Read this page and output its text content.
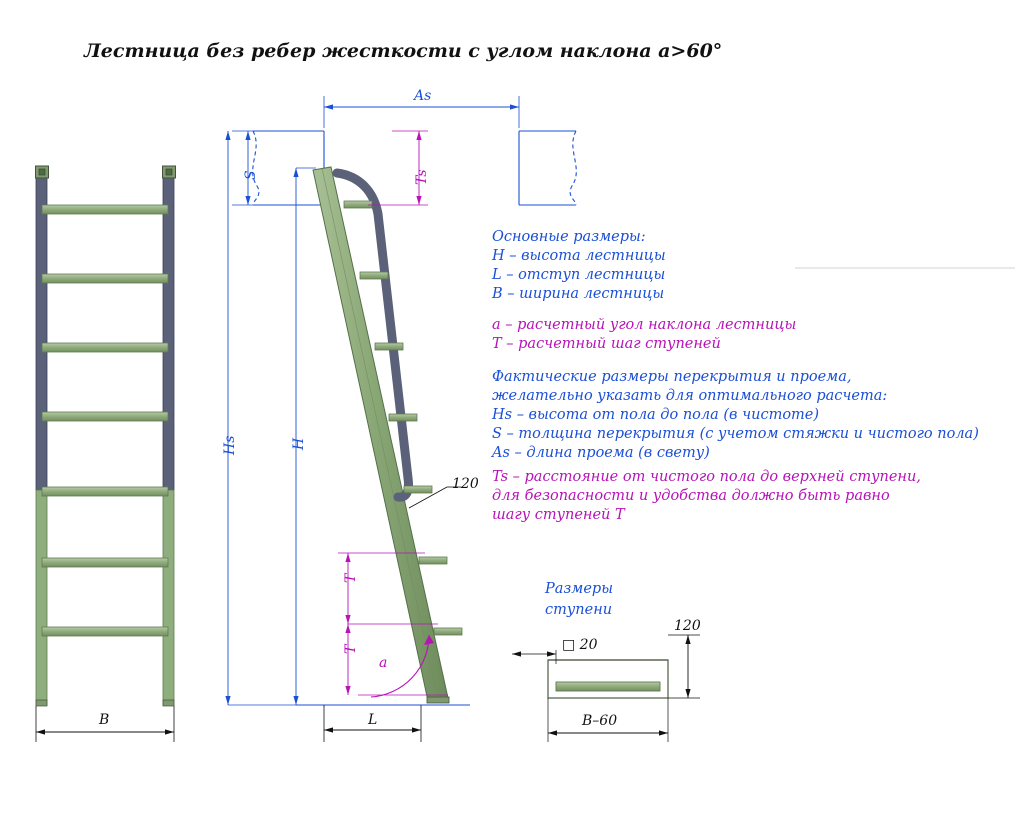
Лестница без ребер жесткости с углом наклона a>60°
As
S	Ts
Hs	H
L
B
T
T
a
120
Основные размеры:
H – высота лестницы
L – отступ лестницы
B – ширина лестницы
a – расчетный угол наклона лестницы
T – расчетный шаг ступеней
Фактические размеры перекрытия и проема,
желательно указать для оптимального расчета:
Hs – высота от пола до пола (в чистоте)
S – толщина перекрытия (с учетом стяжки и чистого пола)
As – длина проема (в свету)
Ts – расстояние от чистого пола до верхней ступени,
для безопасности и удобства должно быть равно
шагу ступеней T
Размеры
ступени
□ 20
120
B–60
